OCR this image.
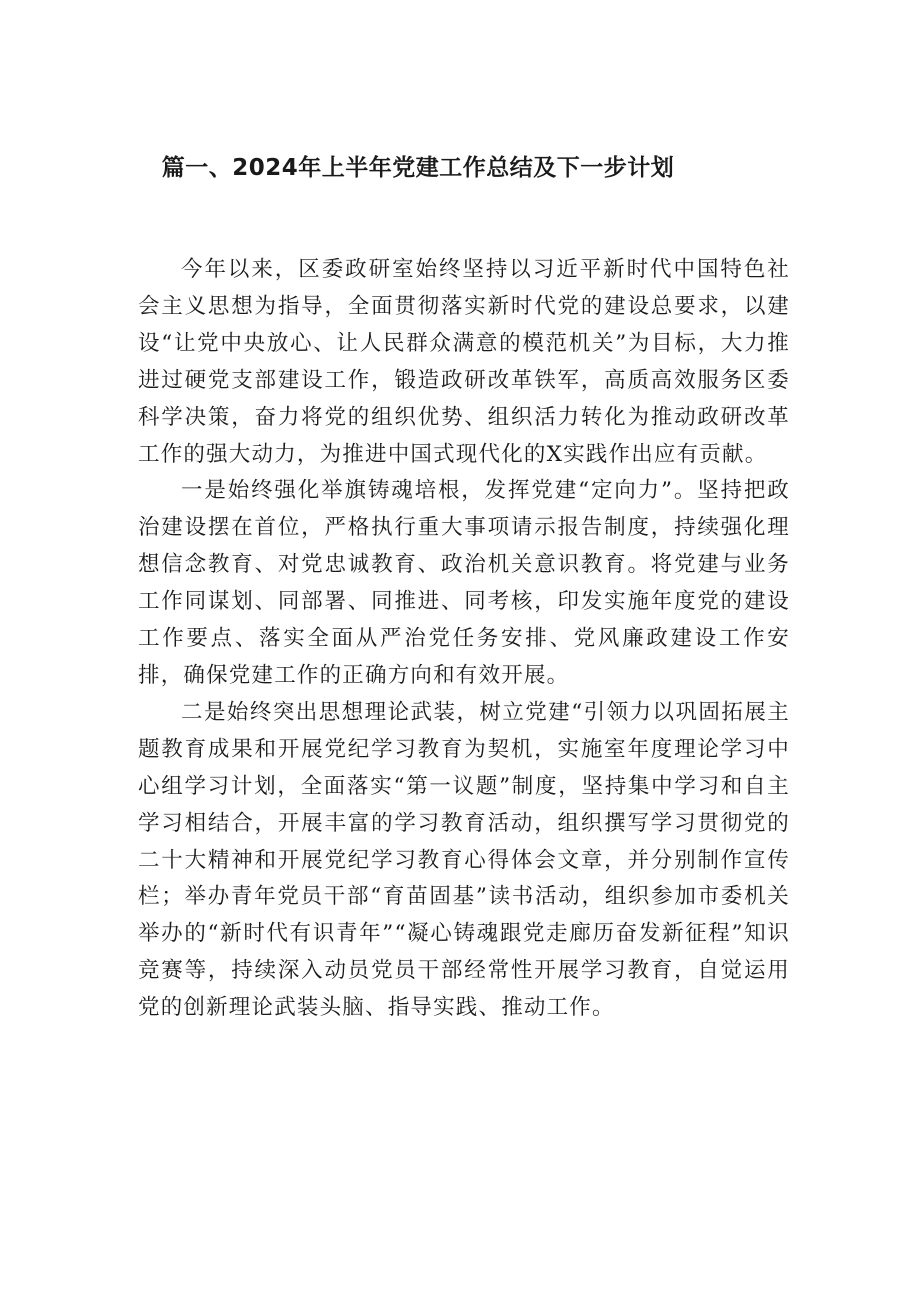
篇一、2024年上半年党建工作总结及下一步计划

今年以来，区委政研室始终坚持以习近平新时代中国特色社会主义思想为指导，全面贯彻落实新时代党的建设总要求，以建设“让党中央放心、让人民群众满意的模范机关”为目标，大力推进过硬党支部建设工作，锻造政研改革铁军，高质高效服务区委科学决策，奋力将党的组织优势、组织活力转化为推动政研改革工作的强大动力，为推进中国式现代化的X实践作出应有贡献。

一是始终强化举旗铸魂培根，发挥党建“定向力”。坚持把政治建设摆在首位，严格执行重大事项请示报告制度，持续强化理想信念教育、对党忠诚教育、政治机关意识教育。将党建与业务工作同谋划、同部署、同推进、同考核，印发实施年度党的建设工作要点、落实全面从严治党任务安排、党风廉政建设工作安排，确保党建工作的正确方向和有效开展。

二是始终突出思想理论武装，树立党建“引领力以巩固拓展主题教育成果和开展党纪学习教育为契机，实施室年度理论学习中心组学习计划，全面落实“第一议题”制度，坚持集中学习和自主学习相结合，开展丰富的学习教育活动，组织撰写学习贯彻党的二十大精神和开展党纪学习教育心得体会文章，并分别制作宣传栏；举办青年党员干部“育苗固基”读书活动，组织参加市委机关举办的“新时代有识青年”“凝心铸魂跟党走廊历奋发新征程”知识竞赛等，持续深入动员党员干部经常性开展学习教育，自觉运用党的创新理论武装头脑、指导实践、推动工作。
